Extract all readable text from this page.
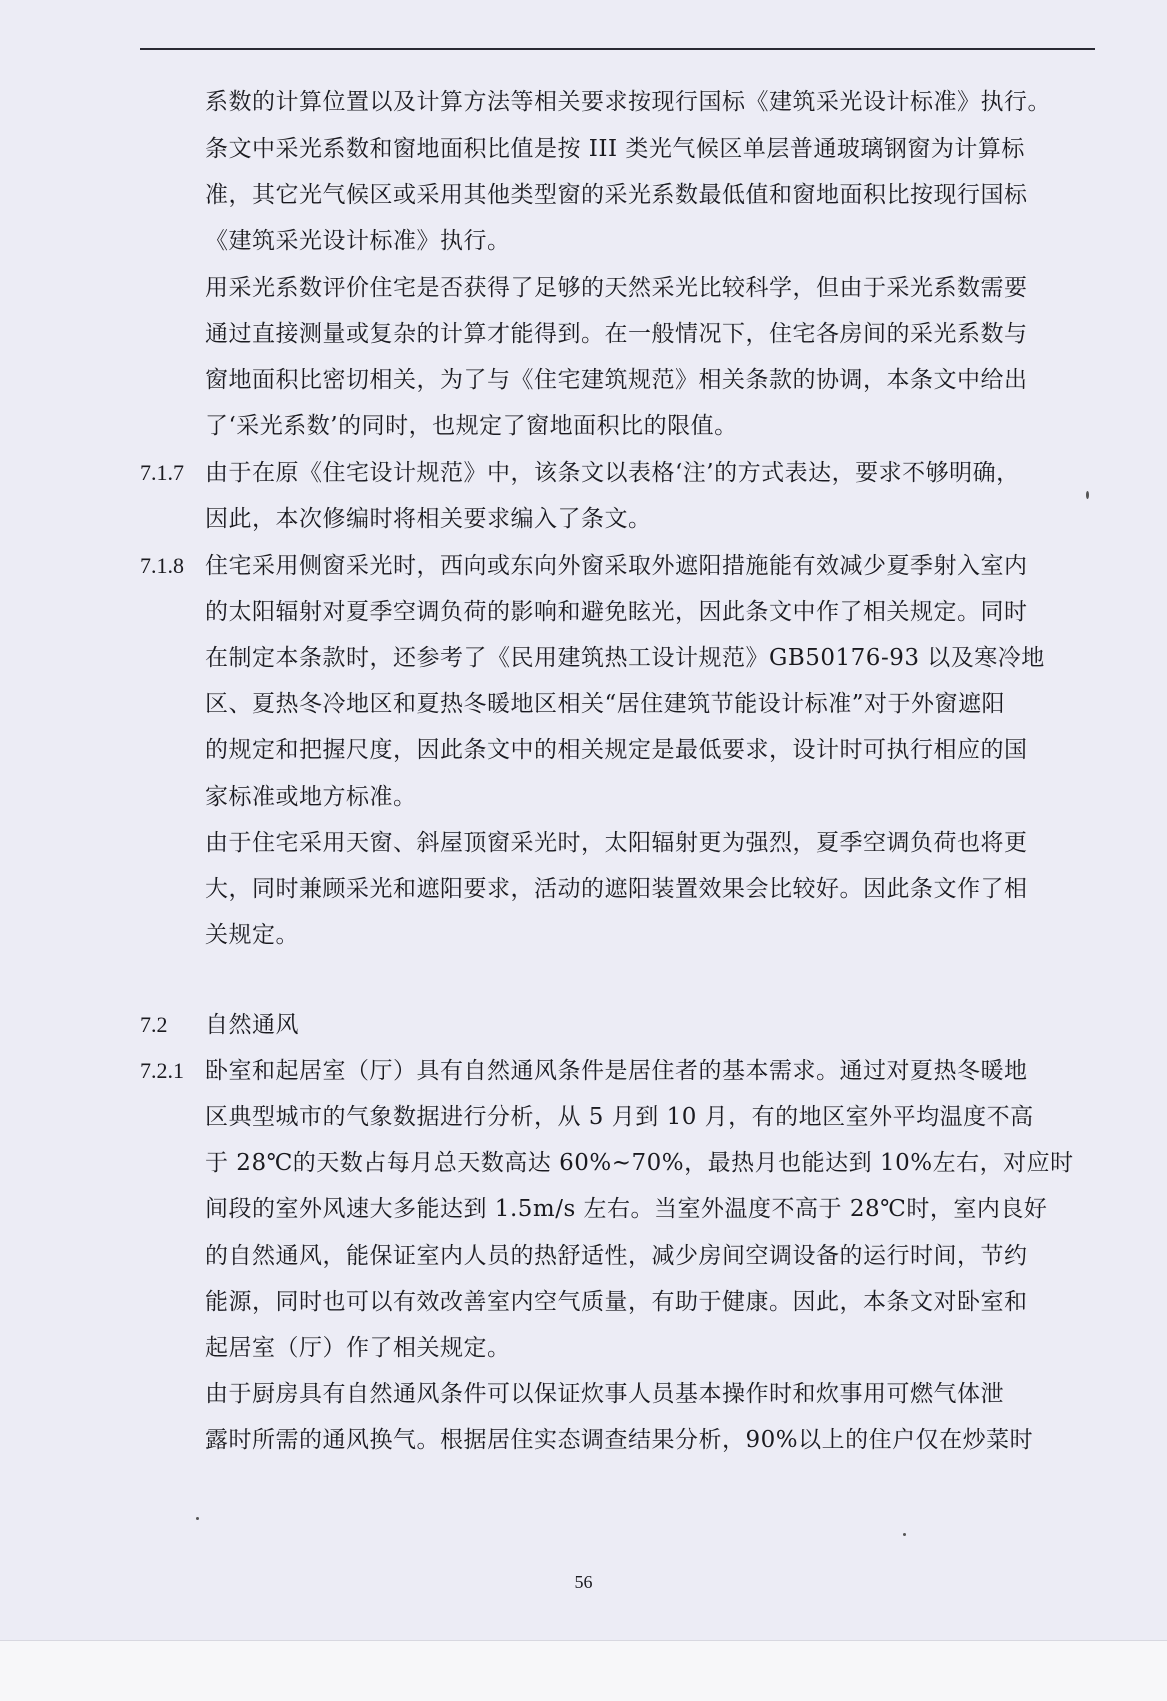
系数的计算位置以及计算方法等相关要求按现行国标《建筑采光设计标准》执行。
条文中采光系数和窗地面积比值是按 III 类光气候区单层普通玻璃钢窗为计算标
准，其它光气候区或采用其他类型窗的采光系数最低值和窗地面积比按现行国标
《建筑采光设计标准》执行。
用采光系数评价住宅是否获得了足够的天然采光比较科学，但由于采光系数需要
通过直接测量或复杂的计算才能得到。在一般情况下，住宅各房间的采光系数与
窗地面积比密切相关，为了与《住宅建筑规范》相关条款的协调，本条文中给出
了‘采光系数’的同时，也规定了窗地面积比的限值。
7.1.7 由于在原《住宅设计规范》中，该条文以表格‘注’的方式表达，要求不够明确，
因此，本次修编时将相关要求编入了条文。
7.1.8 住宅采用侧窗采光时，西向或东向外窗采取外遮阳措施能有效减少夏季射入室内
的太阳辐射对夏季空调负荷的影响和避免眩光，因此条文中作了相关规定。同时
在制定本条款时，还参考了《民用建筑热工设计规范》GB50176-93 以及寒冷地
区、夏热冬冷地区和夏热冬暖地区相关“居住建筑节能设计标准”对于外窗遮阳
的规定和把握尺度，因此条文中的相关规定是最低要求，设计时可执行相应的国
家标准或地方标准。
由于住宅采用天窗、斜屋顶窗采光时，太阳辐射更为强烈，夏季空调负荷也将更
大，同时兼顾采光和遮阳要求，活动的遮阳装置效果会比较好。因此条文作了相
关规定。
7.2 自然通风
7.2.1 卧室和起居室（厅）具有自然通风条件是居住者的基本需求。通过对夏热冬暖地
区典型城市的气象数据进行分析，从 5 月到 10 月，有的地区室外平均温度不高
于 28℃的天数占每月总天数高达 60%~70%，最热月也能达到 10%左右，对应时
间段的室外风速大多能达到 1.5m/s 左右。当室外温度不高于 28℃时，室内良好
的自然通风，能保证室内人员的热舒适性，减少房间空调设备的运行时间，节约
能源，同时也可以有效改善室内空气质量，有助于健康。因此，本条文对卧室和
起居室（厅）作了相关规定。
由于厨房具有自然通风条件可以保证炊事人员基本操作时和炊事用可燃气体泄
露时所需的通风换气。根据居住实态调查结果分析，90%以上的住户仅在炒菜时
56
